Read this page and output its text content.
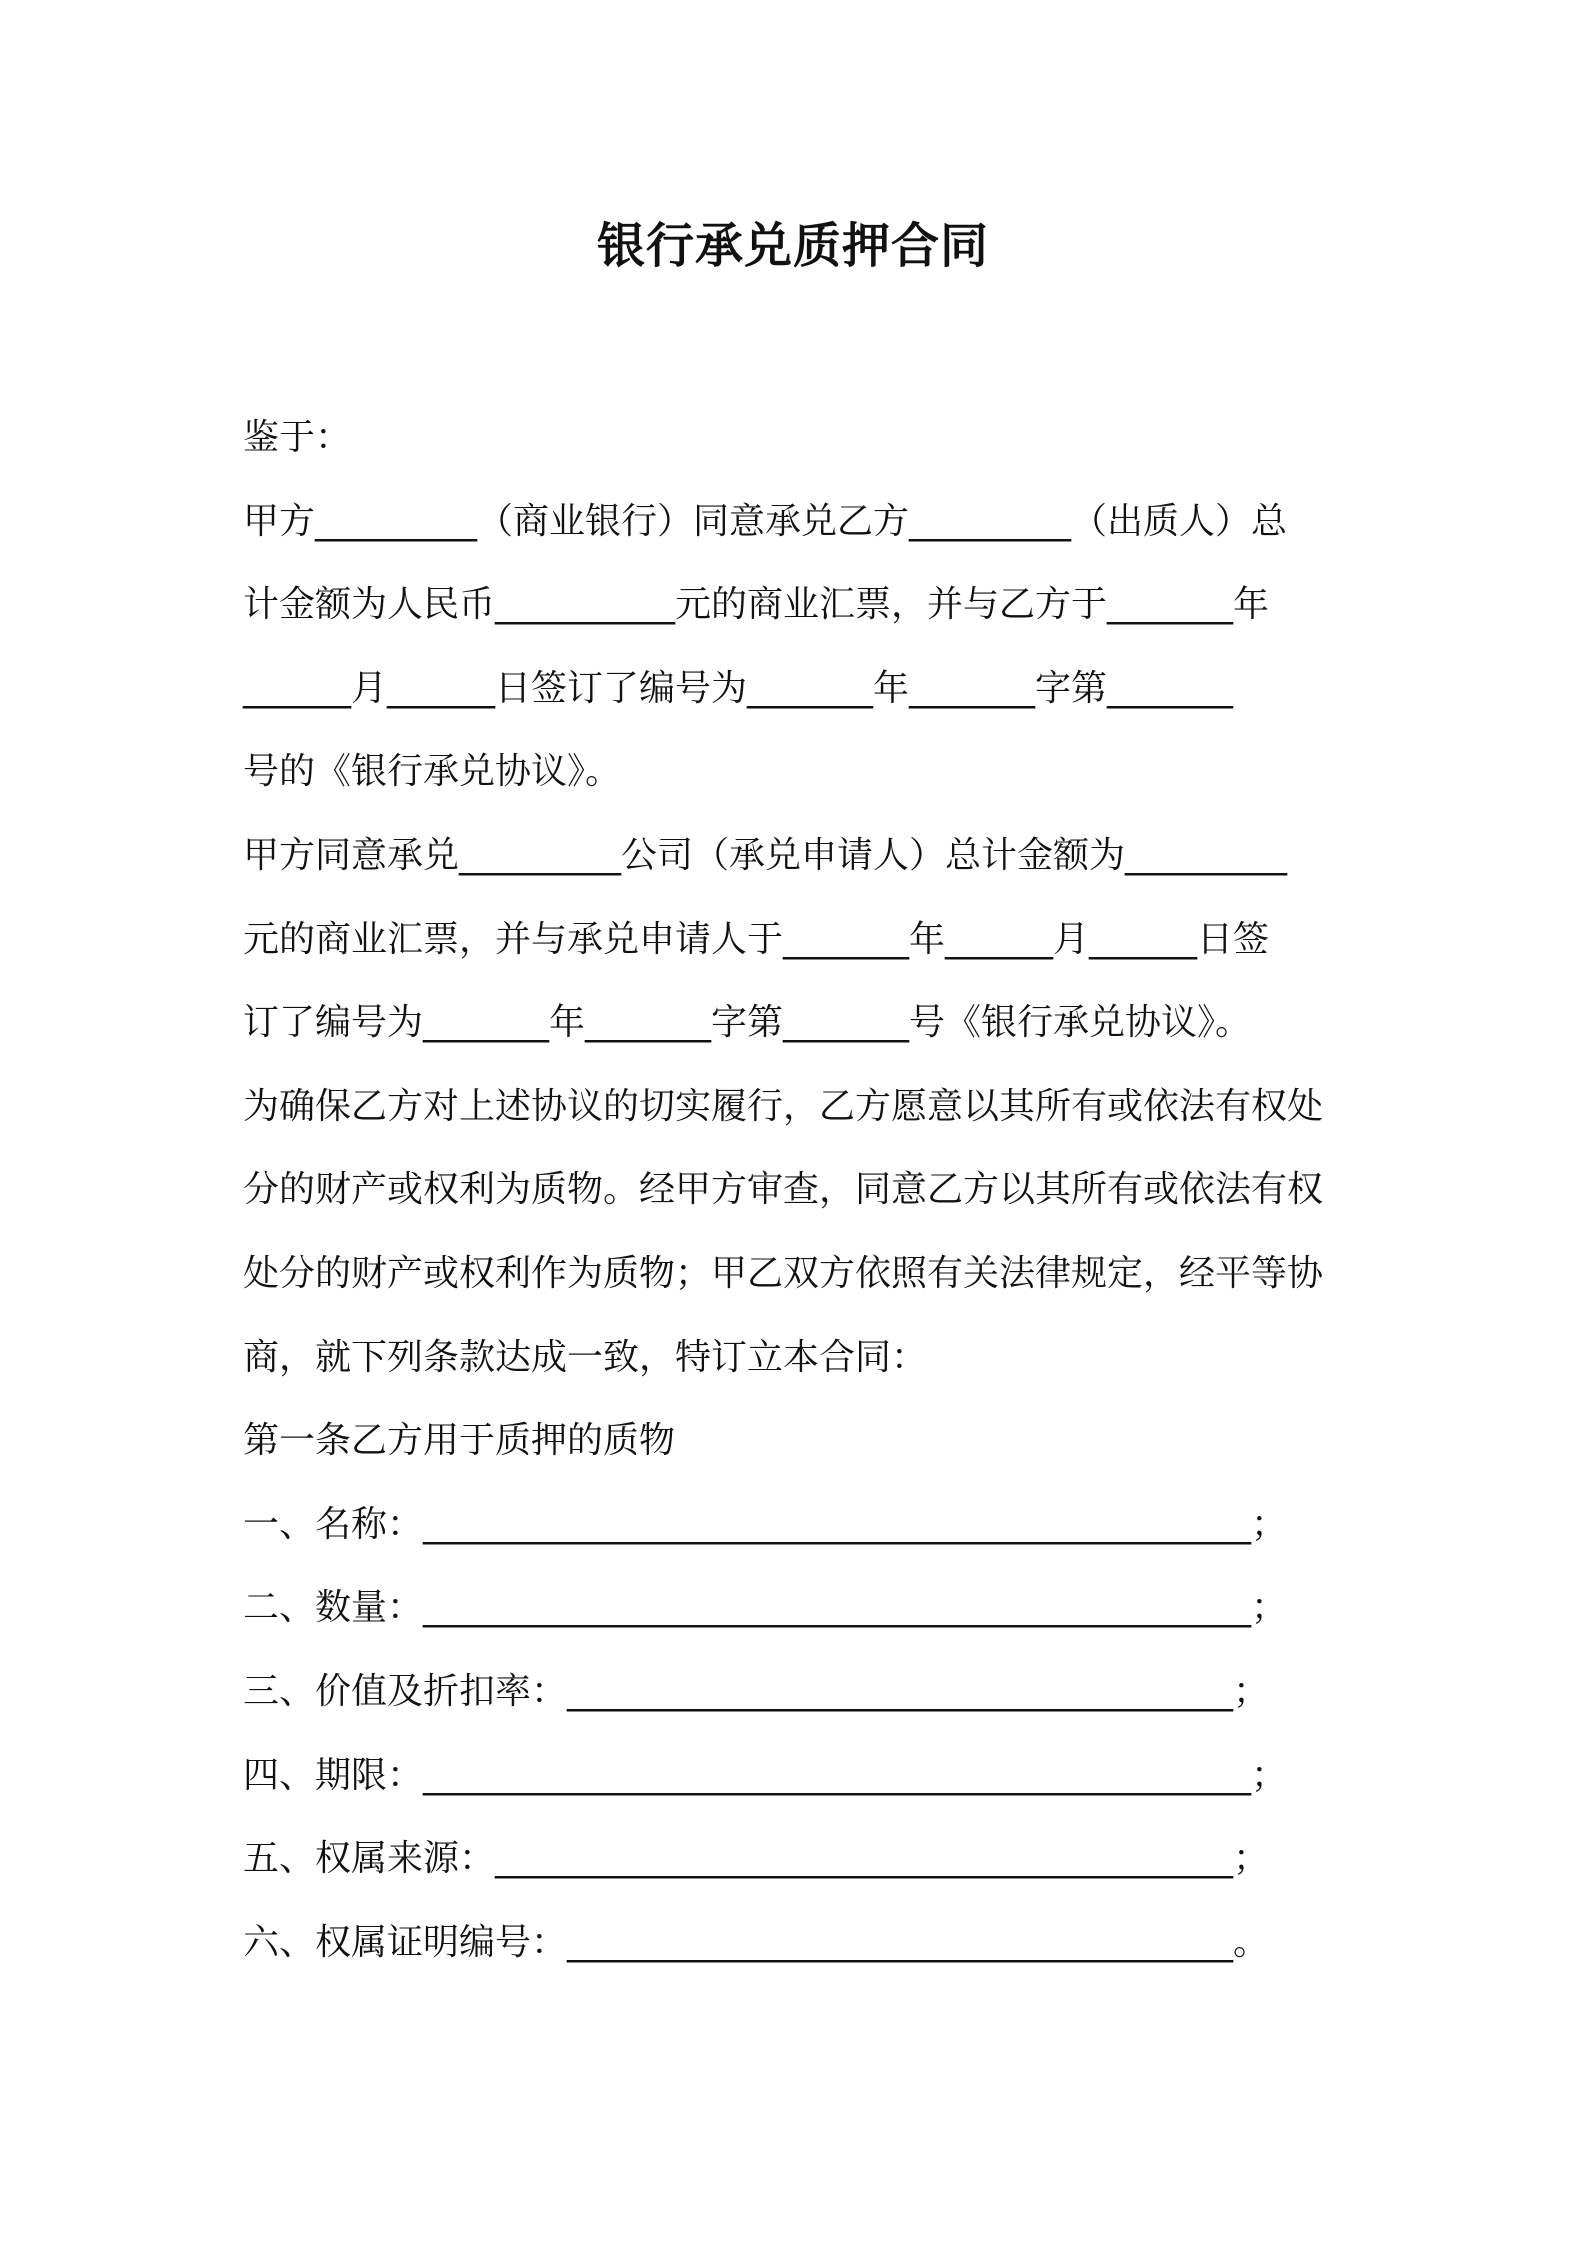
银行承兑质押合同
鉴于：
甲方_________（商业银行）同意承兑乙方_________（出质人）总
计金额为人民币__________元的商业汇票，并与乙方于_______年
______月______日签订了编号为_______年_______字第_______
号的《银行承兑协议》。
甲方同意承兑_________公司（承兑申请人）总计金额为_________
元的商业汇票，并与承兑申请人于_______年______月______日签
订了编号为_______年_______字第_______号《银行承兑协议》。
为确保乙方对上述协议的切实履行，乙方愿意以其所有或依法有权处
分的财产或权利为质物。经甲方审查，同意乙方以其所有或依法有权
处分的财产或权利作为质物；甲乙双方依照有关法律规定，经平等协
商，就下列条款达成一致，特订立本合同：
第一条乙方用于质押的质物
一、名称：______________________________________________；
二、数量：______________________________________________；
三、价值及折扣率：_____________________________________；
四、期限：______________________________________________；
五、权属来源：_________________________________________；
六、权属证明编号：_____________________________________。
